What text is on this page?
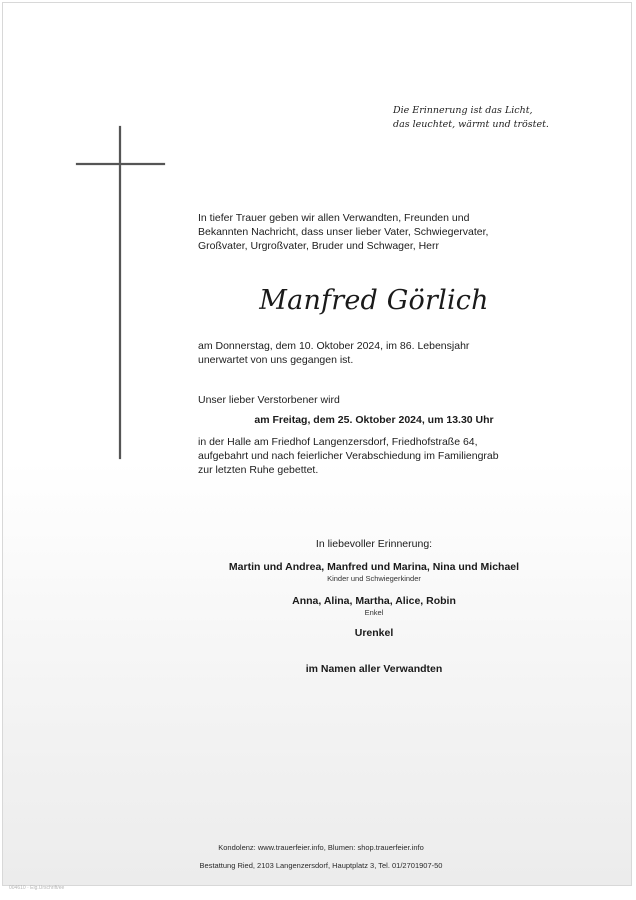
Die Erinnerung ist das Licht,
das leuchtet, wärmt und tröstet.
In tiefer Trauer geben wir allen Verwandten, Freunden und
Bekannten Nachricht, dass unser lieber Vater, Schwiegervater,
Großvater, Urgroßvater, Bruder und Schwager, Herr
Manfred Görlich
am Donnerstag, dem 10. Oktober 2024, im 86. Lebensjahr
unerwartet von uns gegangen ist.
Unser lieber Verstorbener wird
am Freitag, dem 25. Oktober 2024, um 13.30 Uhr
in der Halle am Friedhof Langenzersdorf, Friedhofstraße 64,
aufgebahrt und nach feierlicher Verabschiedung im Familiengrab
zur letzten Ruhe gebettet.
In liebevoller Erinnerung:
Martin und Andrea, Manfred und Marina, Nina und Michael
Kinder und Schwiegerkinder
Anna, Alina, Martha, Alice, Robin
Enkel
Urenkel
im Namen aller Verwandten
Kondolenz: www.trauerfeier.info, Blumen: shop.trauerfeier.info
Bestattung Ried, 2103 Langenzersdorf, Hauptplatz 3, Tel. 01/2701907-50
004610 · Elg.Urschrift/ee
